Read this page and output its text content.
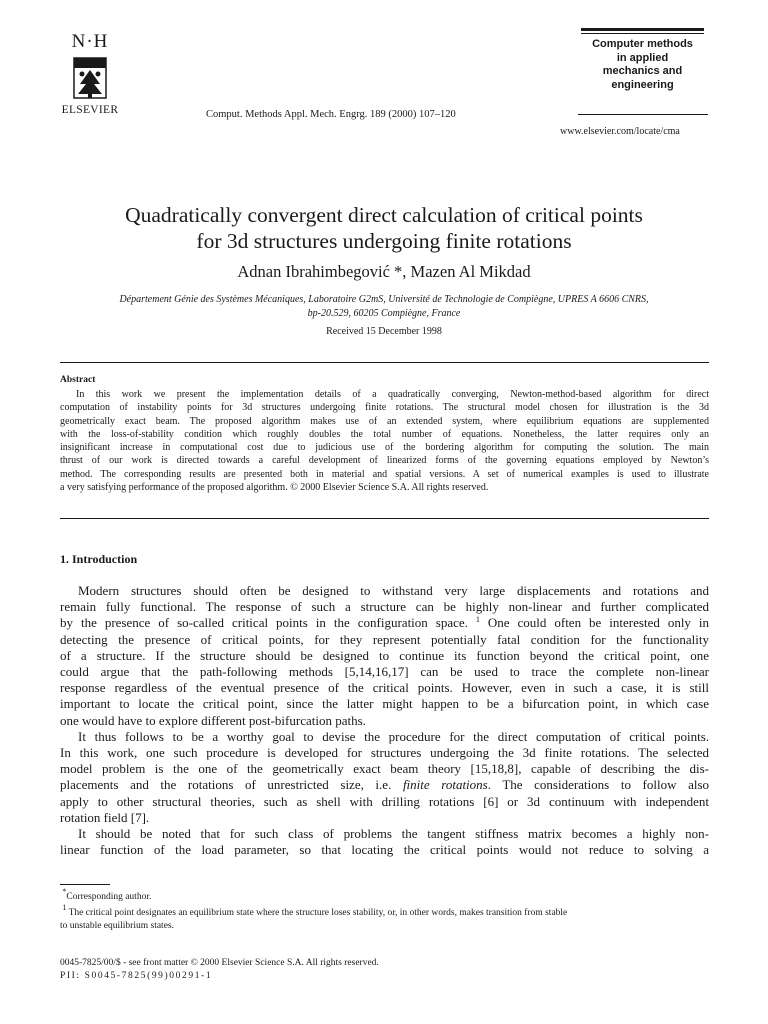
N·H
ELSEVIER	Comput. Methods Appl. Mech. Engrg. 189 (2000) 107–120
Computer methods
in applied
mechanics and
engineering
www.elsevier.com/locate/cma
Quadratically convergent direct calculation of critical points
for 3d structures undergoing finite rotations
Adnan Ibrahimbegović *, Mazen Al Mikdad
Département Génie des Systèmes Mécaniques, Laboratoire G2mS, Université de Technologie de Compiègne, UPRES A 6606 CNRS,
bp-20.529, 60205 Compiègne, France
Received 15 December 1998
Abstract
In this work we present the implementation details of a quadratically converging, Newton-method-based algorithm for direct
computation of instability points for 3d structures undergoing finite rotations. The structural model chosen for illustration is the 3d
geometrically exact beam. The proposed algorithm makes use of an extended system, where equilibrium equations are supplemented
with the loss-of-stability condition which roughly doubles the total number of equations. Nonetheless, the latter requires only an
insignificant increase in computational cost due to judicious use of the bordering algorithm for computing the solution. The main
thrust of our work is directed towards a careful development of linearized forms of the governing equations employed by Newton’s
method. The corresponding results are presented both in material and spatial versions. A set of numerical examples is used to illustrate
a very satisfying performance of the proposed algorithm. © 2000 Elsevier Science S.A. All rights reserved.
1. Introduction
Modern structures should often be designed to withstand very large displacements and rotations and
remain fully functional. The response of such a structure can be highly non-linear and further complicated
by the presence of so-called critical points in the configuration space. $^1$ One could often be interested only in
detecting the presence of critical points, for they represent potentially fatal condition for the functionality
of a structure. If the structure should be designed to continue its function beyond the critical point, one
could argue that the path-following methods [5,14,16,17] can be used to trace the complete non-linear
response regardless of the eventual presence of the critical points. However, even in such a case, it is still
important to locate the critical point, since the latter might happen to be a bifurcation point, in which case
one would have to explore different post-bifurcation paths.
It thus follows to be a worthy goal to devise the procedure for the direct computation of critical points.
In this work, one such procedure is developed for structures undergoing the 3d finite rotations. The selected
model problem is the one of the geometrically exact beam theory [15,18,8], capable of describing the dis-
placements and the rotations of unrestricted size, i.e. finite rotations. The considerations to follow also
apply to other structural theories, such as shell with drilling rotations [6] or 3d continuum with independent
rotation field [7].
It should be noted that for such class of problems the tangent stiffness matrix becomes a highly non-
linear function of the load parameter, so that locating the critical points would not reduce to solving a
*Corresponding author.
$^1$ The critical point designates an equilibrium state where the structure loses stability, or, in other words, makes transition from stable
to unstable equilibrium states.
0045-7825/00/$ - see front matter © 2000 Elsevier Science S.A. All rights reserved.
PII: S0045-7825(99)00291-1
